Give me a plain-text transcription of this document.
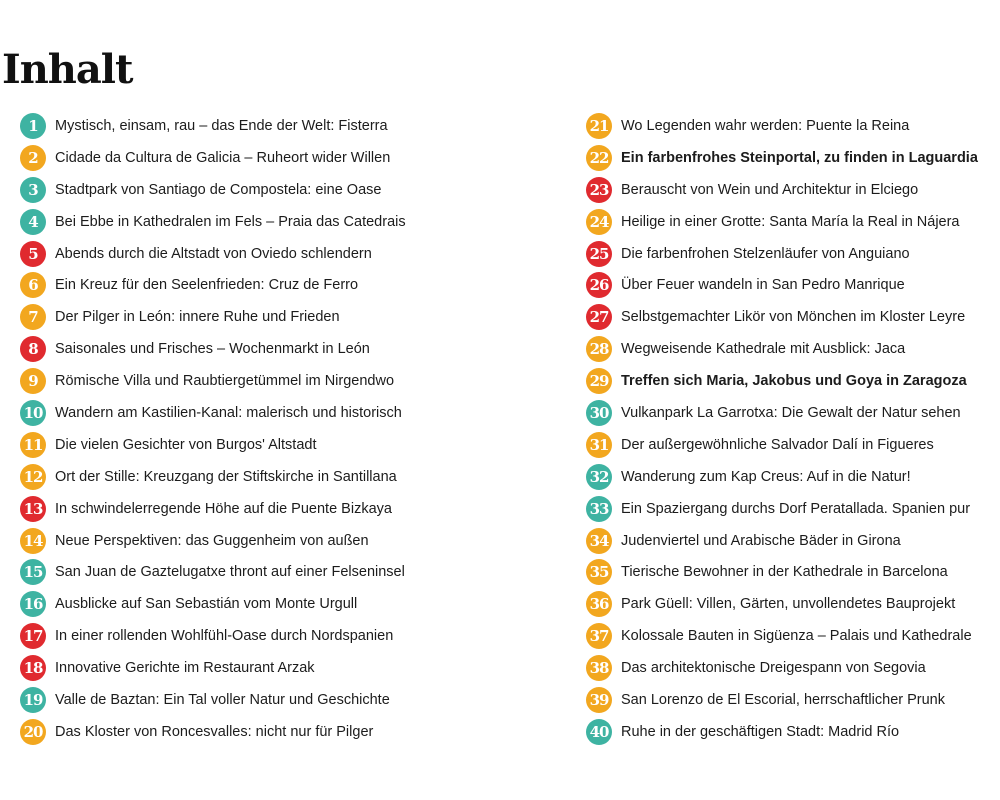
Inhalt
1	Mystisch, einsam, rau – das Ende der Welt: Fisterra
2	Cidade da Cultura de Galicia – Ruheort wider Willen
3	Stadtpark von Santiago de Compostela: eine Oase
4	Bei Ebbe in Kathedralen im Fels – Praia das Catedrais
5	Abends durch die Altstadt von Oviedo schlendern
6	Ein Kreuz für den Seelenfrieden: Cruz de Ferro
7	Der Pilger in León: innere Ruhe und Frieden
8	Saisonales und Frisches – Wochenmarkt in León
9	Römische Villa und Raubtiergetümmel im Nirgendwo
10 Wandern am Kastilien-Kanal: malerisch und historisch
11 Die vielen Gesichter von Burgos' Altstadt
12 Ort der Stille: Kreuzgang der Stiftskirche in Santillana
13 In schwindelerregende Höhe auf die Puente Bizkaya
14 Neue Perspektiven: das Guggenheim von außen
15 San Juan de Gaztelugatxe thront auf einer Felseninsel
16 Ausblicke auf San Sebastián vom Monte Urgull
17 In einer rollenden Wohlfühl-Oase durch Nordspanien
18 Innovative Gerichte im Restaurant Arzak
19 Valle de Baztan: Ein Tal voller Natur und Geschichte
20 Das Kloster von Roncesvalles: nicht nur für Pilger
21 Wo Legenden wahr werden: Puente la Reina
22 Ein farbenfrohes Steinportal, zu finden in Laguardia
23 Berauscht von Wein und Architektur in Elciego
24 Heilige in einer Grotte: Santa María la Real in Nájera
25 Die farbenfrohen Stelzenläufer von Anguiano
26 Über Feuer wandeln in San Pedro Manrique
27 Selbstgemachter Likör von Mönchen im Kloster Leyre
28 Wegweisende Kathedrale mit Ausblick: Jaca
29 Treffen sich Maria, Jakobus und Goya in Zaragoza
30 Vulkanpark La Garrotxa: Die Gewalt der Natur sehen
31 Der außergewöhnliche Salvador Dalí in Figueres
32 Wanderung zum Kap Creus: Auf in die Natur!
33 Ein Spaziergang durchs Dorf Peratallada. Spanien pur
34 Judenviertel und Arabische Bäder in Girona
35 Tierische Bewohner in der Kathedrale in Barcelona
36 Park Güell: Villen, Gärten, unvollendetes Bauprojekt
37 Kolossale Bauten in Sigüenza – Palais und Kathedrale
38 Das architektonische Dreigespann von Segovia
39 San Lorenzo de El Escorial, herrschaftlicher Prunk
40 Ruhe in der geschäftigen Stadt: Madrid Río
